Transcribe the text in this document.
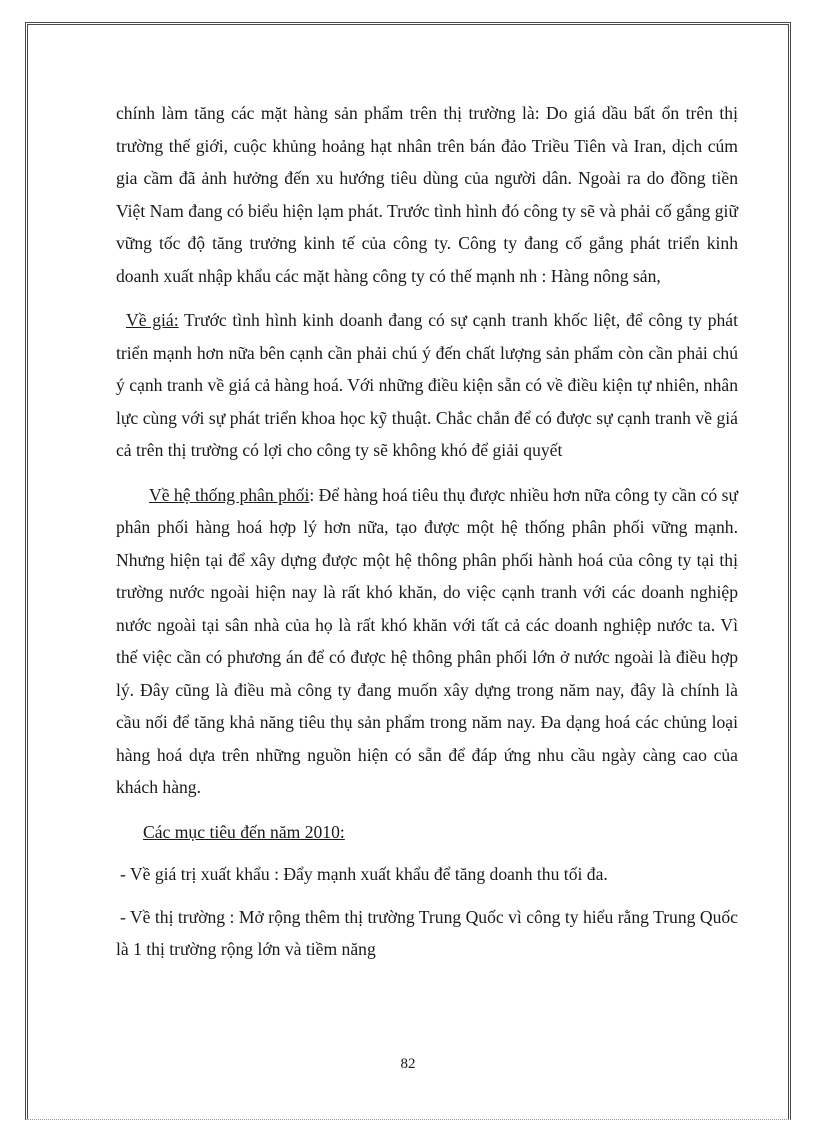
chính làm tăng các mặt hàng sản phẩm trên thị trường là: Do giá dầu bất ổn trên thị trường thế giới, cuộc khủng hoảng hạt nhân trên bán đảo Triều Tiên và Iran, dịch cúm gia cầm đã ảnh hưởng đến xu hướng tiêu dùng của người dân. Ngoài ra do đồng tiền Việt Nam đang có biểu hiện lạm phát. Trước tình hình đó công ty sẽ và phải cố gắng giữ vững tốc độ tăng trưởng kinh tế của công ty. Công ty đang cố gắng phát triển kinh doanh xuất nhập khẩu các mặt hàng công ty có thế mạnh nh : Hàng nông sản,

Về giá: Trước tình hình kinh doanh đang có sự cạnh tranh khốc liệt, để công ty phát triển mạnh hơn nữa bên cạnh cần phải chú ý đến chất lượng sản phẩm còn cần phải chú ý cạnh tranh về giá cả hàng hoá. Với những điều kiện sẵn có về điều kiện tự nhiên, nhân lực cùng với sự phát triển khoa học kỹ thuật. Chắc chắn để có được sự cạnh tranh về giá cả trên thị trường có lợi cho công ty sẽ không khó để giải quyết

Về hệ thống phân phối: Để hàng hoá tiêu thụ được nhiều hơn nữa công ty cần có sự phân phối hàng hoá hợp lý hơn nữa, tạo được một hệ thống phân phối vững mạnh. Nhưng hiện tại để xây dựng được một hệ thông phân phối hành hoá của công ty tại thị trường nước ngoài hiện nay là rất khó khăn, do việc cạnh tranh với các doanh nghiệp nước ngoài tại sân nhà của họ là rất khó khăn với tất cả các doanh nghiệp nước ta. Vì thế việc cần có phương án để có được hệ thông phân phối lớn ở nước ngoài là điều hợp lý. Đây cũng là điều mà công ty đang muốn xây dựng trong năm nay, đây là chính là cầu nối để tăng khả năng tiêu thụ sản phẩm trong năm nay. Đa dạng hoá các chủng loại hàng hoá dựa trên những nguồn hiện có sẵn để đáp ứng nhu cầu ngày càng cao của khách hàng.

Các mục tiêu đến năm 2010:

- Về giá trị xuất khẩu : Đẩy mạnh xuất khẩu để tăng doanh thu tối đa.

- Về thị trường : Mở rộng thêm thị trường Trung Quốc vì công ty hiểu rằng Trung Quốc là 1 thị trường rộng lớn và tiềm năng

82
